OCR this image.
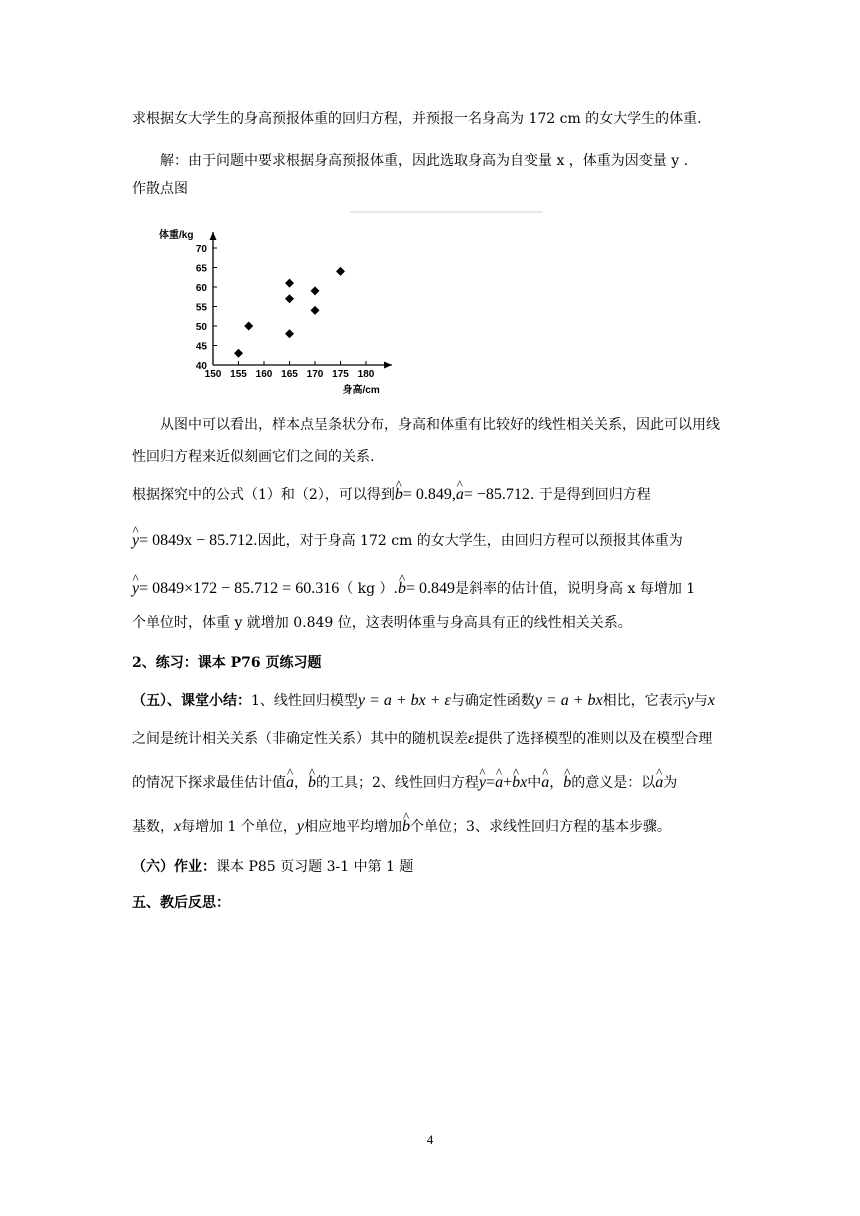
求根据女大学生的身高预报体重的回归方程，并预报一名身高为 172 cm 的女大学生的体重.
解：由于问题中要求根据身高预报体重，因此选取身高为自变量 x ，体重为因变量 y .
作散点图
150 155 160 165 170 175 180
40
45
50
55
60
65
70
体重/kg
身高/cm
从图中可以看出，样本点呈条状分布，身高和体重有比较好的线性相关关系，因此可以用线
性回归方程来近似刻画它们之间的关系.
根据探究中的公式（1）和（2），可以得到^ b= 0.849,^ a= −85.712. 于是得到回归方程
^ y= 0849x − 85.712.因此，对于身高 172 cm 的女大学生，由回归方程可以预报其体重为
^ y= 0849×172 − 85.712 = 60.316（ kg ）.^ b= 0.849是斜率的估计值，说明身高 x 每增加 1
个单位时，体重 y 就增加 0.849 位，这表明体重与身高具有正的线性相关关系。
2、练习：课本 P76 页练习题
（五）、课堂小结：1、线性回归模型y = a + bx + ε与确定性函数y = a + bx相比，它表示y与x
之间是统计相关关系（非确定性关系）其中的随机误差ε提供了选择模型的准则以及在模型合理
的情况下探求最佳估计值^ a，^ b的工具；2、线性回归方程^ y=^ a+^ bx中^ a，^ b的意义是：以^ a为
基数，x每增加 1 个单位，y相应地平均增加^ b个单位；3、求线性回归方程的基本步骤。
（六）作业：课本 P85 页习题 3-1 中第 1 题
五、教后反思：
4
